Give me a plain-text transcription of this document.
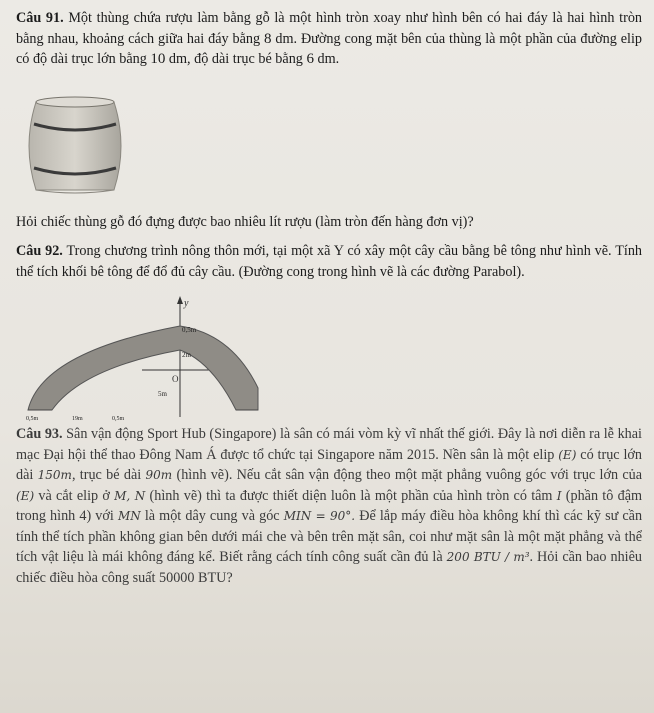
Câu 91. Một thùng chứa rượu làm bằng gỗ là một hình tròn xoay như hình bên có hai đáy là hai hình tròn bằng nhau, khoảng cách giữa hai đáy bằng 8 dm. Đường cong mặt bên của thùng là một phần của đường elip có độ dài trục lớn bằng 10 dm, độ dài trục bé bằng 6 dm.
Hỏi chiếc thùng gỗ đó đựng được bao nhiêu lít rượu (làm tròn đến hàng đơn vị)?
Câu 92. Trong chương trình nông thôn mới, tại một xã Y có xây một cây cầu bằng bê tông như hình vẽ. Tính thể tích khối bê tông để đổ đủ cây cầu. (Đường cong trong hình vẽ là các đường Parabol).
y
O
0,5m
2m
5m
0,5m	19m	0,5m
Câu 93. Sân vận động Sport Hub (Singapore) là sân có mái vòm kỳ vĩ nhất thế giới. Đây là nơi diễn ra lễ khai mạc Đại hội thể thao Đông Nam Á được tổ chức tại Singapore năm 2015. Nền sân là một elip (E) có trục lớn dài 150m, trục bé dài 90m (hình vẽ). Nếu cắt sân vận động theo một mặt phẳng vuông góc với trục lớn của (E) và cắt elip ở M, N (hình vẽ) thì ta được thiết diện luôn là một phần của hình tròn có tâm I (phần tô đậm trong hình 4) với MN là một dây cung và góc MIN = 90°. Để lắp máy điều hòa không khí thì các kỹ sư cần tính thể tích phần không gian bên dưới mái che và bên trên mặt sân, coi như mặt sân là một mặt phẳng và thể tích vật liệu là mái không đáng kể. Biết rằng cách tính công suất cần đủ là 200 BTU / m³. Hỏi cần bao nhiêu chiếc điều hòa công suất 50000 BTU?
